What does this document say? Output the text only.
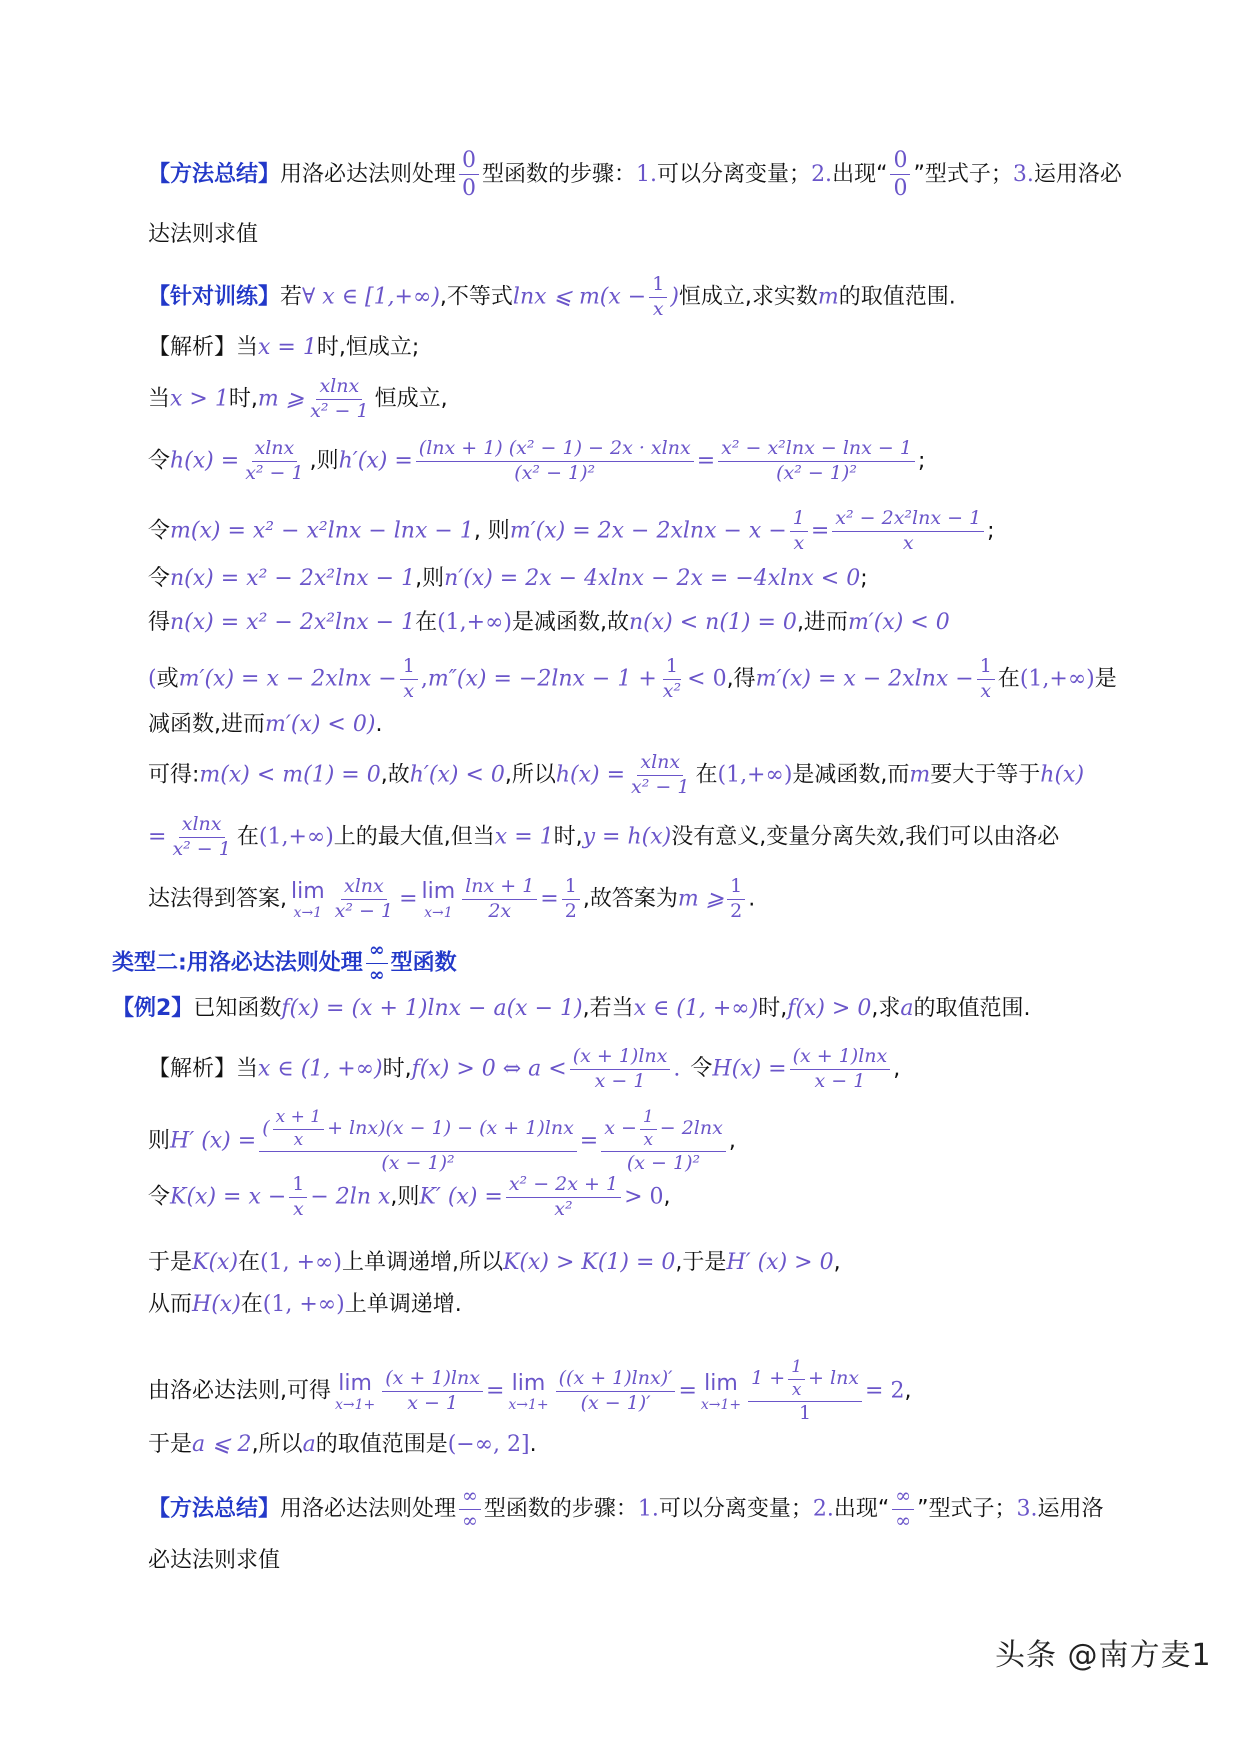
【方法总结】用洛必达法则处理 $\frac{0}{0}$ 型函数的步骤：1.可以分离变量；2.出现“ $\frac{0}{0}$ ”型式子；3.运用洛必
达法则求值
【针对训练】若∀ x ∈ [1,+∞),不等式lnx ⩽ $m(x - \frac{1}{x}$ )恒成立,求实数m的取值范围.
【解析】当x = 1时,恒成立;
当x > 1时,m ⩾ $\frac{xlnx}{\text{x² − 1}}$ 恒成立,
令$h(x) = \frac{xlnx}{\text{x² − 1}}$ ,则$h'(x) = \frac{\text{(lnx + 1) (x² − 1) − 2x · xlnx}}{\text{(x² − 1)²}} = \frac{\text{x² − x²lnx − lnx − 1}}{\text{(x² − 1)²}}$ ;
令m(x) = x² − x²lnx − lnx − 1, 则$m'(x) = 2x - 2xlnx - x - \frac{1}{x} = \frac{\text{x² − 2x²lnx − 1}}{x}$ ;
令n(x) = x² − 2x²lnx − 1,则n′(x) = 2x − 4xlnx − 2x = −4xlnx < 0;
得n(x) = x² − 2x²lnx − 1在(1,+∞)是减函数,故n(x) < n(1) = 0,进而m′(x) < 0
(或$m'(x) = x - 2xlnx - \frac{1}{x} ,m''(x) = -2\ln x - 1 + \frac{1}{\text{x²}} < 0$,得$m'(x) = x - 2xlnx - \frac{1}{x}$ 在(1,+∞)是
减函数,进而m′(x) < 0).
可得:m(x) < m(1) = 0,故h′(x) < 0,所以$h(x) = \frac{xlnx}{\text{x² − 1}}$ 在(1,+∞)是减函数,而m要大于等于h(x)
= $\frac{xlnx}{\text{x² − 1}}$ 在(1,+∞)上的最大值,但当x = 1时,y = h(x)没有意义,变量分离失效,我们可以由洛必
达法得到答案, lim
$x\to 1 \frac{xlnx}{\text{x² − 1}} = \lim$
$x\to 1 \frac{\ln x + 1}{2x} = \frac{1}{2}$ ,故答案为m ⩾ $\frac{1}{2}$ .
类型二:用洛必达法则处理 $\frac{\infty}{\infty}$ 型函数
【例2】已知函数f(x) = (x + 1)lnx − a(x − 1),若当x ∈ (1, +∞)时,f(x) > 0,求a的取值范围.
【解析】当x ∈ (1, +∞)时,f(x) > 0 ⇔ $a < \frac{(x + 1)\ln x}{x - 1}$ . 令$H(x) = \frac{(x + 1)\ln x}{x - 1}$ ,
则H′ $(x) = \frac{( \frac{x + 1}{x} + \ln x)(x - 1) - (x + 1)\ln x}{\text{(x − 1)²}} = \frac{x - \frac{1}{x} - 2\ln x}{\text{(x − 1)²}}$ ,
令$K(x) = x - \frac{1}{x} - 2\ln$ x,则K′ $(x) = \frac{\text{x² − 2x + 1}}{\text{x²}} > 0$,
于是K(x)在(1, +∞)上单调递增,所以K(x) > K(1) = 0,于是H′ (x) > 0,
从而H(x)在(1, +∞)上单调递增.
由洛必达法则,可得 lim
$x\to 1+ \frac{(x + 1)\ln x}{x - 1} = \lim$
$x\to 1+ \frac{((x + 1)\ln x)'}{(x - 1)'} = \lim$
$x\to 1+ \frac{1 + \frac{1}{x} + \ln x}{1} = 2$,
于是a ⩽ 2,所以a的取值范围是(−∞, 2].
【方法总结】用洛必达法则处理 $\frac{\infty}{\infty}$ 型函数的步骤：1.可以分离变量；2.出现“ $\frac{\infty}{\infty}$ ”型式子；3.运用洛
必达法则求值
头条 @南方麦1
